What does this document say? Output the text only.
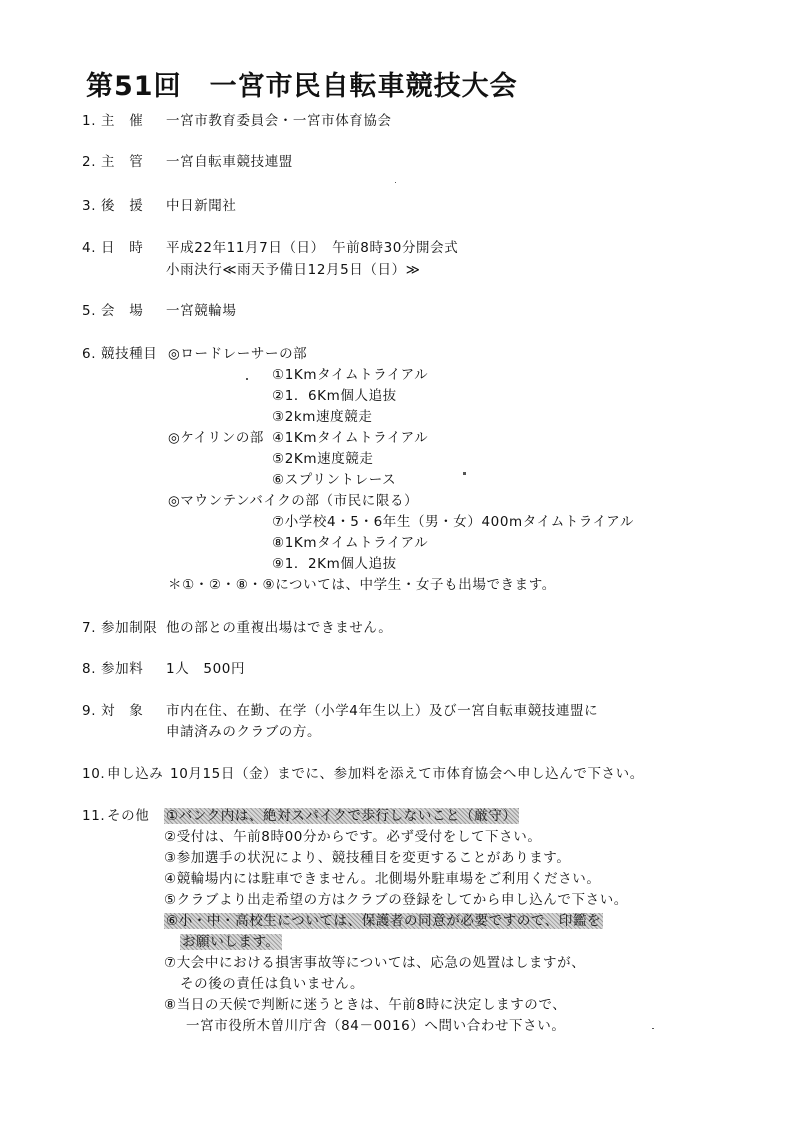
第51回　一宮市民自転車競技大会
1. 主　催 一宮市教育委員会・一宮市体育協会
2. 主　管 一宮自転車競技連盟
3. 後　援 中日新聞社
4. 日　時 平成22年11月7日（日）　午前8時30分開会式
小雨決行≪雨天予備日12月5日（日）≫
5. 会　場 一宮競輪場
6. 競技種目 ◎ロードレーサーの部
①1Kmタイムトライアル
②1．6Km個人追抜
③2km速度競走
◎ケイリンの部 ④1Kmタイムトライアル
⑤2Km速度競走
⑥スプリントレース
◎マウンテンバイクの部（市民に限る）
⑦小学校4・5・6年生（男・女）400mタイムトライアル
⑧1Kmタイムトライアル
⑨1．2Km個人追抜
＊①・②・⑧・⑨については、中学生・女子も出場できます。
7. 参加制限 他の部との重複出場はできません。
8. 参加料 1人　500円
9. 対　象 市内在住、在勤、在学（小学4年生以上）及び一宮自転車競技連盟に
申請済みのクラブの方。
10. 申し込み 10月15日（金）までに、参加料を添えて市体育協会へ申し込んで下さい。
11. その他 ①バンク内は、絶対スパイクで歩行しないこと（厳守）
②受付は、午前8時00分からです。必ず受付をして下さい。
③参加選手の状況により、競技種目を変更することがあります。
④競輪場内には駐車できません。北側場外駐車場をご利用ください。
⑤クラブより出走希望の方はクラブの登録をしてから申し込んで下さい。
⑥小・中・高校生については、保護者の同意が必要ですので、印鑑を
お願いします。
⑦大会中における損害事故等については、応急の処置はしますが、
その後の責任は負いません。
⑧当日の天候で判断に迷うときは、午前8時に決定しますので、
一宮市役所木曽川庁舎（84－0016）へ問い合わせ下さい。
